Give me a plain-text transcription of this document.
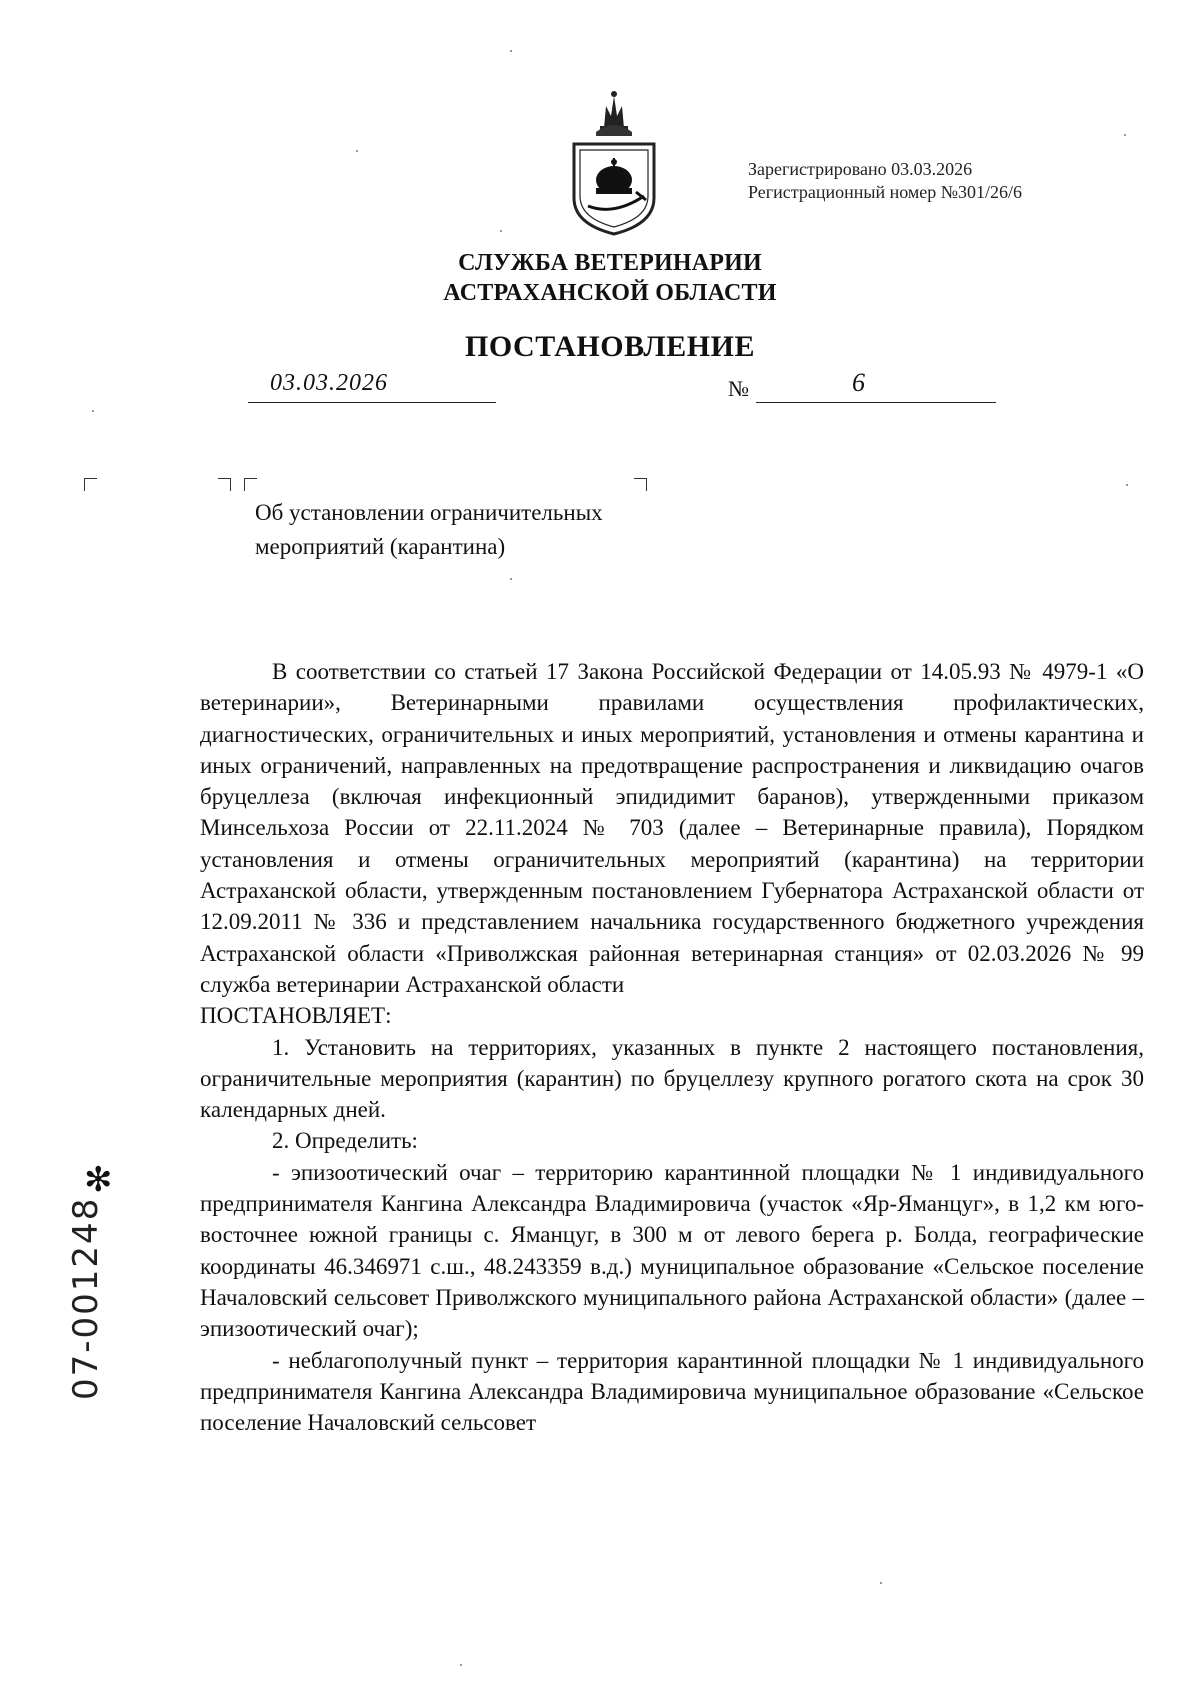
Зарегистрировано 03.03.2026
Регистрационный номер №301/26/6
СЛУЖБА ВЕТЕРИНАРИИ
АСТРАХАНСКОЙ ОБЛАСТИ
ПОСТАНОВЛЕНИЕ
03.03.2026	№	6
Об установлении ограничительных
мероприятий (карантина)

В соответствии со статьей 17 Закона Российской Федерации от 14.05.93 № 4979-1 «О ветеринарии», Ветеринарными правилами осуществления профилактических, диагностических, ограничительных и иных мероприятий, установления и отмены карантина и иных ограничений, направленных на предотвращение распространения и ликвидацию очагов бруцеллеза (включая инфекционный эпидидимит баранов), утвержденными приказом Минсельхоза России от 22.11.2024 № 703 (далее – Ветеринарные правила), Порядком установления и отмены ограничительных мероприятий (карантина) на территории Астраханской области, утвержденным постановлением Губернатора Астраханской области от 12.09.2011 № 336 и представлением начальника государственного бюджетного учреждения Астраханской области «Приволжская районная ветеринарная станция» от 02.03.2026 № 99 служба ветеринарии Астраханской области

ПОСТАНОВЛЯЕТ:

1. Установить на территориях, указанных в пункте 2 настоящего постановления, ограничительные мероприятия (карантин) по бруцеллезу крупного рогатого скота на срок 30 календарных дней.

2. Определить:

- эпизоотический очаг – территорию карантинной площадки № 1 индивидуального предпринимателя Кангина Александра Владимировича (участок «Яр-Яманцуг», в 1,2 км юго-восточнее южной границы с. Яманцуг, в 300 м от левого берега р. Болда, географические координаты 46.346971 с.ш., 48.243359 в.д.) муниципальное образование «Сельское поселение Началовский сельсовет Приволжского муниципального района Астраханской области» (далее – эпизоотический очаг);

- неблагополучный пункт – территория карантинной площадки № 1 индивидуального предпринимателя Кангина Александра Владимировича муниципальное образование «Сельское поселение Началовский сельсовет

✻
07-001248
